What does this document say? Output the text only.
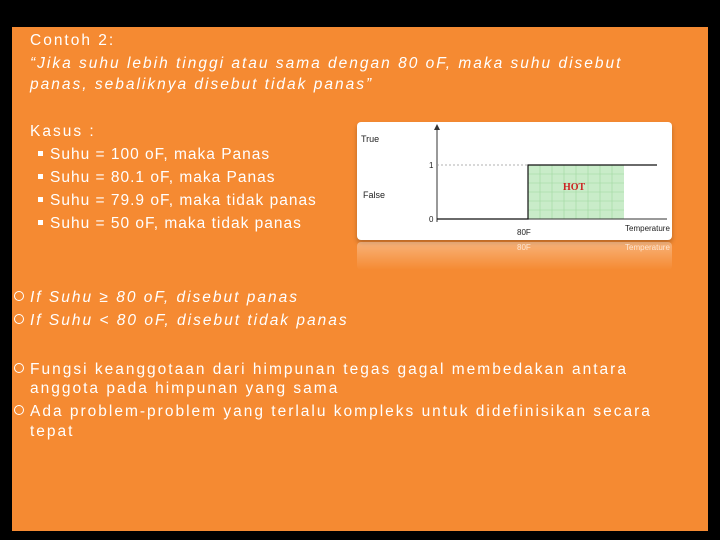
Contoh 2:
“Jika suhu lebih tinggi atau sama dengan 80 oF, maka suhu disebut
panas, sebaliknya disebut tidak panas”
Kasus :
Suhu = 100 oF, maka Panas
Suhu = 80.1 oF, maka Panas
Suhu = 79.9 oF, maka tidak panas
Suhu = 50 oF, maka tidak panas
True
False
1
0
HOT
80F	Temperature
80F	Temperature
If Suhu ≥ 80 oF, disebut panas
If Suhu < 80 oF, disebut tidak panas
Fungsi keanggotaan dari himpunan tegas gagal membedakan antara
anggota pada himpunan yang sama
Ada problem-problem yang terlalu kompleks untuk didefinisikan secara
tepat
